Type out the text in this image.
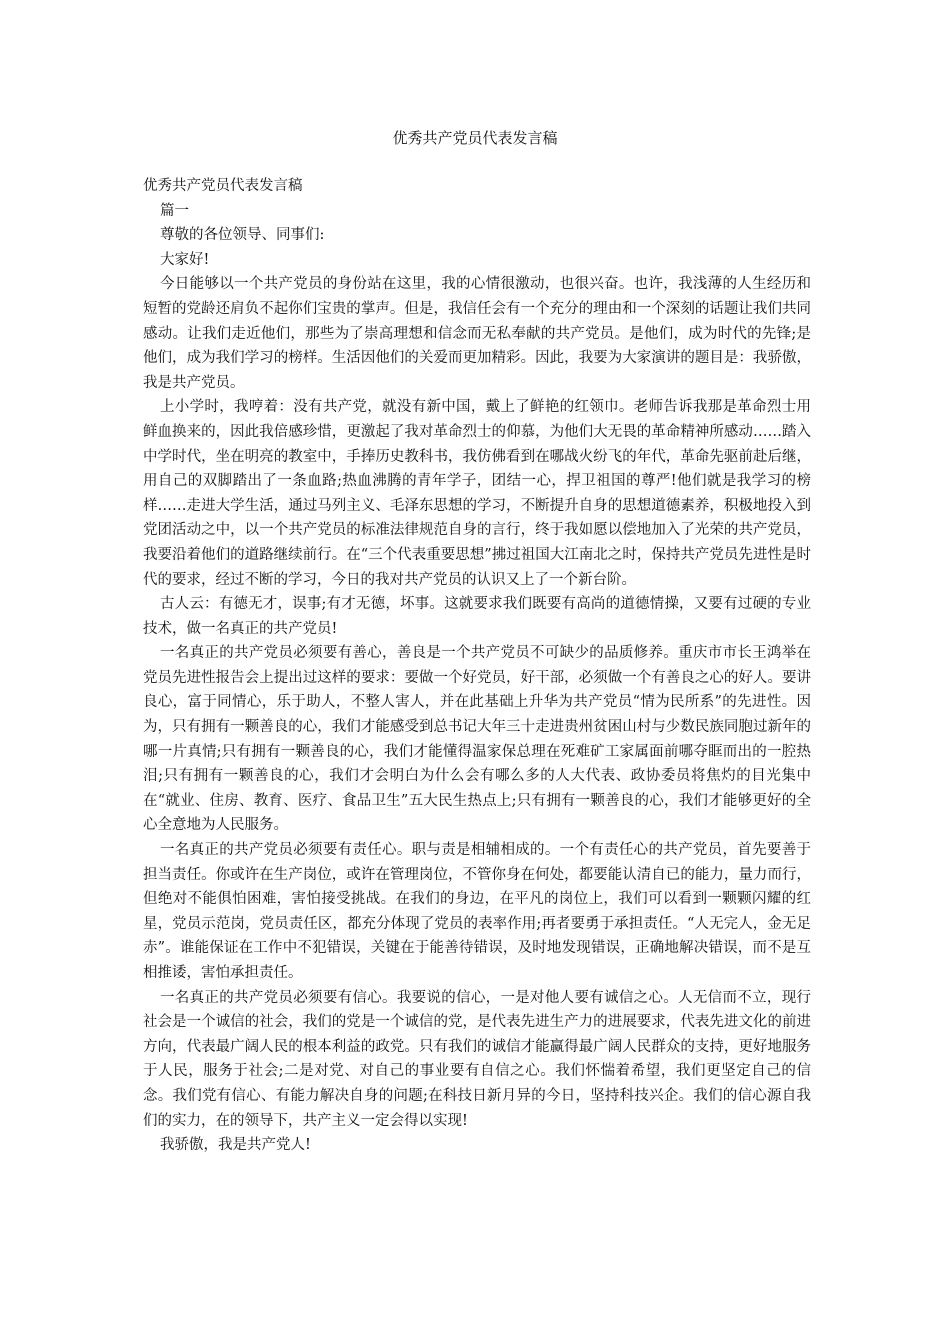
优秀共产党员代表发言稿

优秀共产党员代表发言稿

篇一

尊敬的各位领导、同事们:

大家好!

今日能够以一个共产党员的身份站在这里，我的心情很激动，也很兴奋。也许，我浅薄的人生经历和短暂的党龄还肩负不起你们宝贵的掌声。但是，我信任会有一个充分的理由和一个深刻的话题让我们共同感动。让我们走近他们，那些为了崇高理想和信念而无私奉献的共产党员。是他们，成为时代的先锋;是他们，成为我们学习的榜样。生活因他们的关爱而更加精彩。因此，我要为大家演讲的题目是：我骄傲，我是共产党员。

上小学时，我哼着：没有共产党，就没有新中国，戴上了鲜艳的红领巾。老师告诉我那是革命烈士用鲜血换来的，因此我倍感珍惜，更激起了我对革命烈士的仰慕，为他们大无畏的革命精神所感动……踏入中学时代，坐在明亮的教室中，手捧历史教科书，我仿佛看到在哪战火纷飞的年代，革命先驱前赴后继，用自己的双脚踏出了一条血路;热血沸腾的青年学子，团结一心，捍卫祖国的尊严!他们就是我学习的榜样……走进大学生活，通过马列主义、毛泽东思想的学习，不断提升自身的思想道德素养，积极地投入到党团活动之中，以一个共产党员的标准法律规范自身的言行，终于我如愿以偿地加入了光荣的共产党员，我要沿着他们的道路继续前行。在“三个代表重要思想”拂过祖国大江南北之时，保持共产党员先进性是时代的要求，经过不断的学习，今日的我对共产党员的认识又上了一个新台阶。

古人云：有德无才，误事;有才无德，坏事。这就要求我们既要有高尚的道德情操，又要有过硬的专业技术，做一名真正的共产党员!

一名真正的共产党员必须要有善心，善良是一个共产党员不可缺少的品质修养。重庆市市长王鸿举在党员先进性报告会上提出过这样的要求：要做一个好党员，好干部，必须做一个有善良之心的好人。要讲良心，富于同情心，乐于助人，不整人害人，并在此基础上升华为共产党员“情为民所系”的先进性。因为，只有拥有一颗善良的心，我们才能感受到总书记大年三十走进贵州贫困山村与少数民族同胞过新年的哪一片真情;只有拥有一颗善良的心，我们才能懂得温家保总理在死难矿工家属面前哪夺眶而出的一腔热泪;只有拥有一颗善良的心，我们才会明白为什么会有哪么多的人大代表、政协委员将焦灼的目光集中在“就业、住房、教育、医疗、食品卫生”五大民生热点上;只有拥有一颗善良的心，我们才能够更好的全心全意地为人民服务。

一名真正的共产党员必须要有责任心。职与责是相辅相成的。一个有责任心的共产党员，首先要善于担当责任。你或许在生产岗位，或许在管理岗位，不管你身在何处，都要能认清自已的能力，量力而行，但绝对不能俱怕困难，害怕接受挑战。在我们的身边，在平凡的岗位上，我们可以看到一颗颗闪耀的红星，党员示范岗，党员责任区，都充分体现了党员的表率作用;再者要勇于承担责任。“人无完人，金无足赤”。谁能保证在工作中不犯错误，关键在于能善待错误，及时地发现错误，正确地解决错误，而不是互相推诿，害怕承担责任。

一名真正的共产党员必须要有信心。我要说的信心，一是对他人要有诚信之心。人无信而不立，现行社会是一个诚信的社会，我们的党是一个诚信的党，是代表先进生产力的进展要求，代表先进文化的前进方向，代表最广阔人民的根本利益的政党。只有我们的诚信才能赢得最广阔人民群众的支持，更好地服务于人民，服务于社会;二是对党、对自己的事业要有自信之心。我们怀惴着希望，我们更坚定自己的信念。我们党有信心、有能力解决自身的问题;在科技日新月异的今日，坚持科技兴企。我们的信心源自我们的实力，在的领导下，共产主义一定会得以实现!

我骄傲，我是共产党人!
